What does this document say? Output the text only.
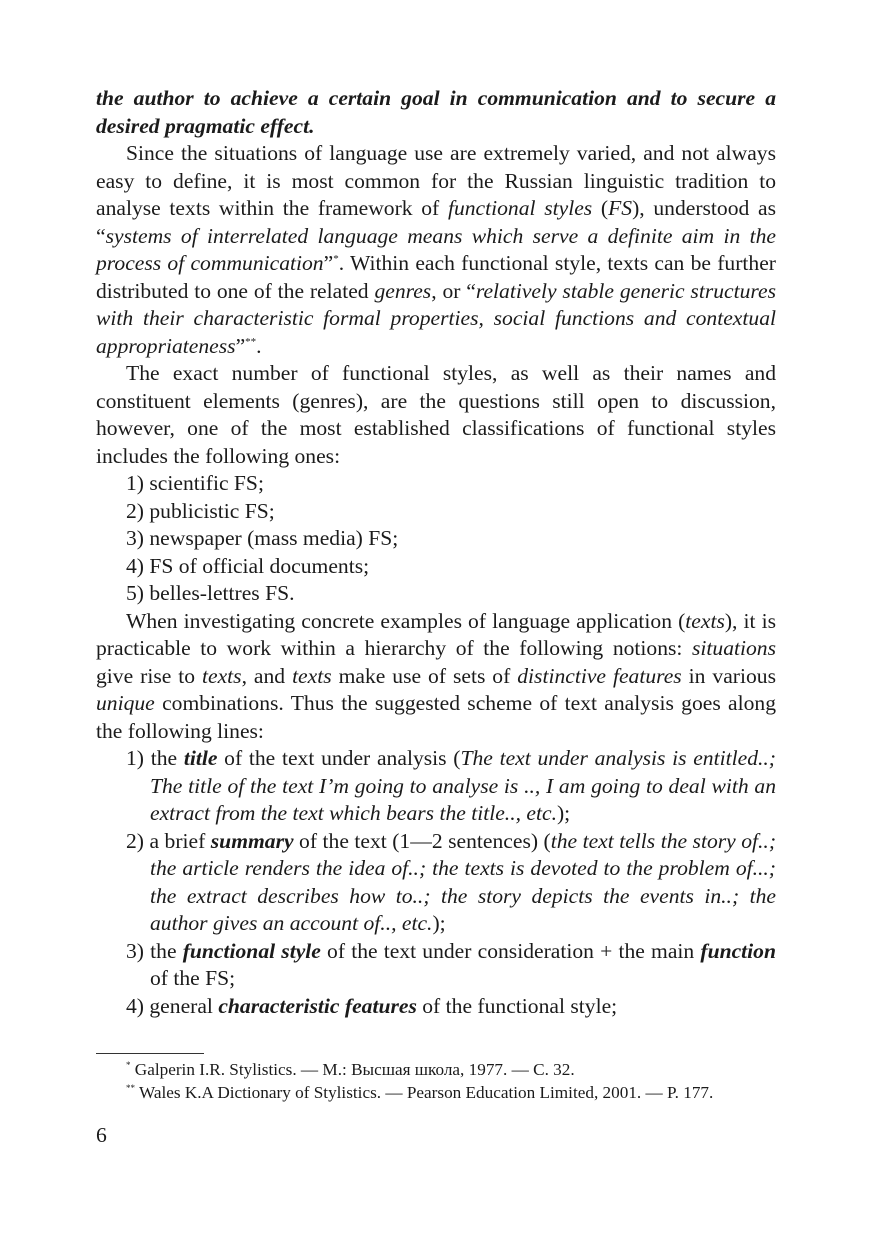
the author to achieve a certain goal in communication and to secure a desired pragmatic effect.

Since the situations of language use are extremely varied, and not always easy to define, it is most common for the Russian linguistic tradition to analyse texts within the framework of functional styles (FS), understood as “systems of interrelated language means which serve a definite aim in the process of communication”*. Within each functional style, texts can be further distributed to one of the related genres, or “relatively stable generic structures with their characteristic formal properties, social functions and contextual appropriateness”**.

The exact number of functional styles, as well as their names and constituent elements (genres), are the questions still open to discussion, however, one of the most established classifications of functional styles includes the following ones:

1) scientific FS;
2) publicistic FS;
3) newspaper (mass media) FS;
4) FS of official documents;
5) belles-lettres FS.

When investigating concrete examples of language application (texts), it is practicable to work within a hierarchy of the following notions: situations give rise to texts, and texts make use of sets of distinctive features in various unique combinations. Thus the suggested scheme of text analysis goes along the following lines:

1) the title of the text under analysis (The text under analysis is entitled..; The title of the text I’m going to analyse is .., I am going to deal with an extract from the text which bears the title.., etc.);
2) a brief summary of the text (1—2 sentences) (the text tells the story of..; the article renders the idea of..; the texts is devoted to the problem of...; the extract describes how to..; the story depicts the events in..; the author gives an account of.., etc.);
3) the functional style of the text under consideration + the main function of the FS;
4) general characteristic features of the functional style;
* Galperin I.R. Stylistics. — М.: Высшая школа, 1977. — С. 32.
** Wales K.A Dictionary of Stylistics. — Pearson Education Limited, 2001. — P. 177.
6
